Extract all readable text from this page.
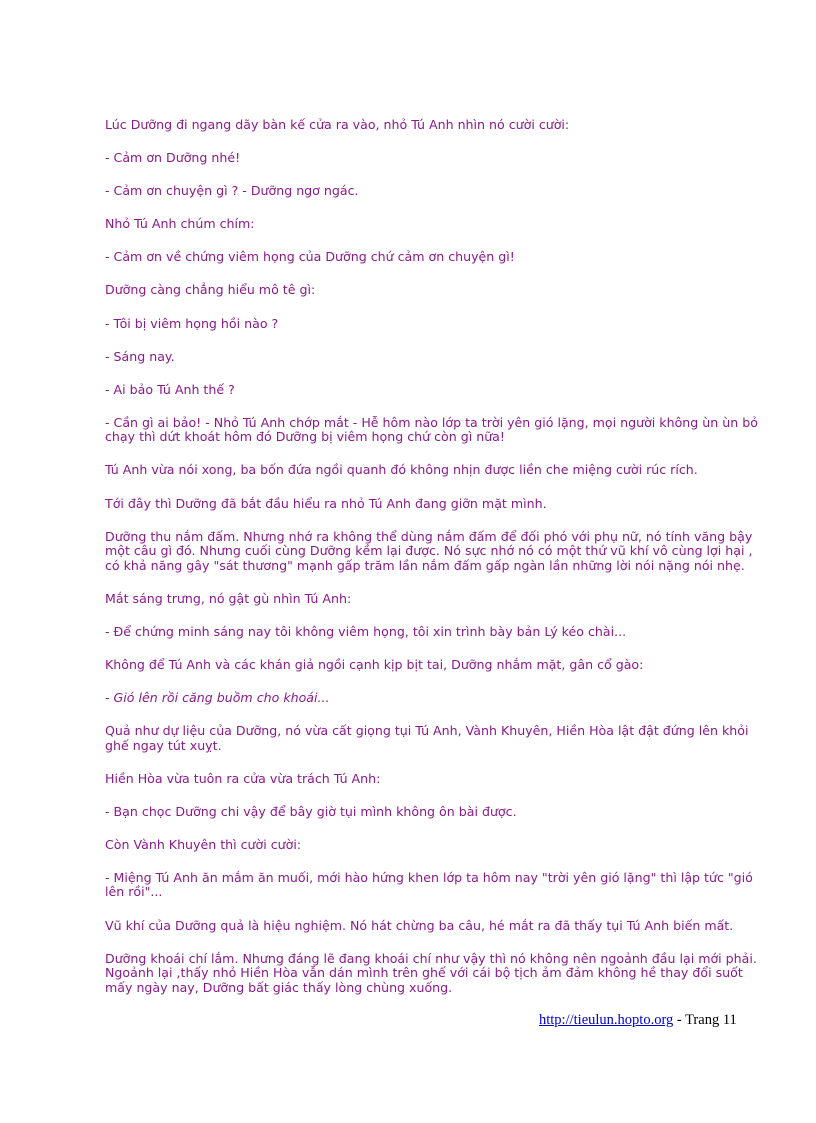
Lúc Dưỡng đi ngang dãy bàn kế cửa ra vào, nhỏ Tú Anh nhìn nó cười cười:

- Cảm ơn Dưỡng nhé!

- Cảm ơn chuyện gì ? - Dưỡng ngơ ngác.

Nhỏ Tú Anh chúm chím:

- Cảm ơn về chứng viêm họng của Dưỡng chứ cảm ơn chuyện gì!

Dưỡng càng chẳng hiểu mô tê gì:

- Tôi bị viêm họng hồi nào ?

- Sáng nay.

- Ai bảo Tú Anh thế ?

- Cần gì ai bảo! - Nhỏ Tú Anh chớp mắt - Hễ hôm nào lớp ta trời yên gió lặng, mọi người không ùn ùn bỏ chạy thì dứt khoát hôm đó Dưỡng bị viêm họng chứ còn gì nữa!

Tú Anh vừa nói xong, ba bốn đứa ngồi quanh đó không nhịn được liền che miệng cười rúc rích.

Tới đây thì Dưỡng đã bắt đầu hiểu ra nhỏ Tú Anh đang giỡn mặt mình.

Dưỡng thu nắm đấm. Nhưng nhớ ra không thể dùng nắm đấm để đối phó với phụ nữ, nó tính văng bậy một câu gì đó. Nhưng cuối cùng Dưỡng kềm lại được. Nó sực nhớ nó có một thứ vũ khí vô cùng lợi hại , có khả năng gây "sát thương" mạnh gấp trăm lần nắm đấm gấp ngàn lần những lời nói nặng nói nhẹ.

Mắt sáng trưng, nó gật gù nhìn Tú Anh:

- Để chứng minh sáng nay tôi không viêm họng, tôi xin trình bày bản Lý kéo chài...

Không để Tú Anh và các khán giả ngồi cạnh kịp bịt tai, Dưỡng nhắm mặt, gân cổ gào:

- Gió lên rồi căng buồm cho khoái...

Quả như dự liệu của Dưỡng, nó vừa cất giọng tụi Tú Anh, Vành Khuyên, Hiền Hòa lật đật đứng lên khỏi ghế ngay tút xuỵt.

Hiền Hòa vừa tuôn ra cửa vừa trách Tú Anh:

- Bạn chọc Dưỡng chi vậy để bây giờ tụi mình không ôn bài được.

Còn Vành Khuyên thì cười cười:

- Miệng Tú Anh ăn mắm ăn muối, mới hào hứng khen lớp ta hôm nay "trời yên gió lặng" thì lập tức "gió lên rồi"...

Vũ khí của Dưỡng quả là hiệu nghiệm. Nó hát chừng ba câu, hé mắt ra đã thấy tụi Tú Anh biến mất.

Dưỡng khoái chí lắm. Nhưng đáng lẽ đang khoái chí như vậy thì nó không nên ngoảnh đầu lại mới phải. Ngoảnh lại ,thấy nhỏ Hiền Hòa vẫn dán mình trên ghế với cái bộ tịch ảm đảm không hề thay đổi suốt mấy ngày nay, Dưỡng bất giác thấy lòng chùng xuống.

http://tieulun.hopto.org - Trang 11
